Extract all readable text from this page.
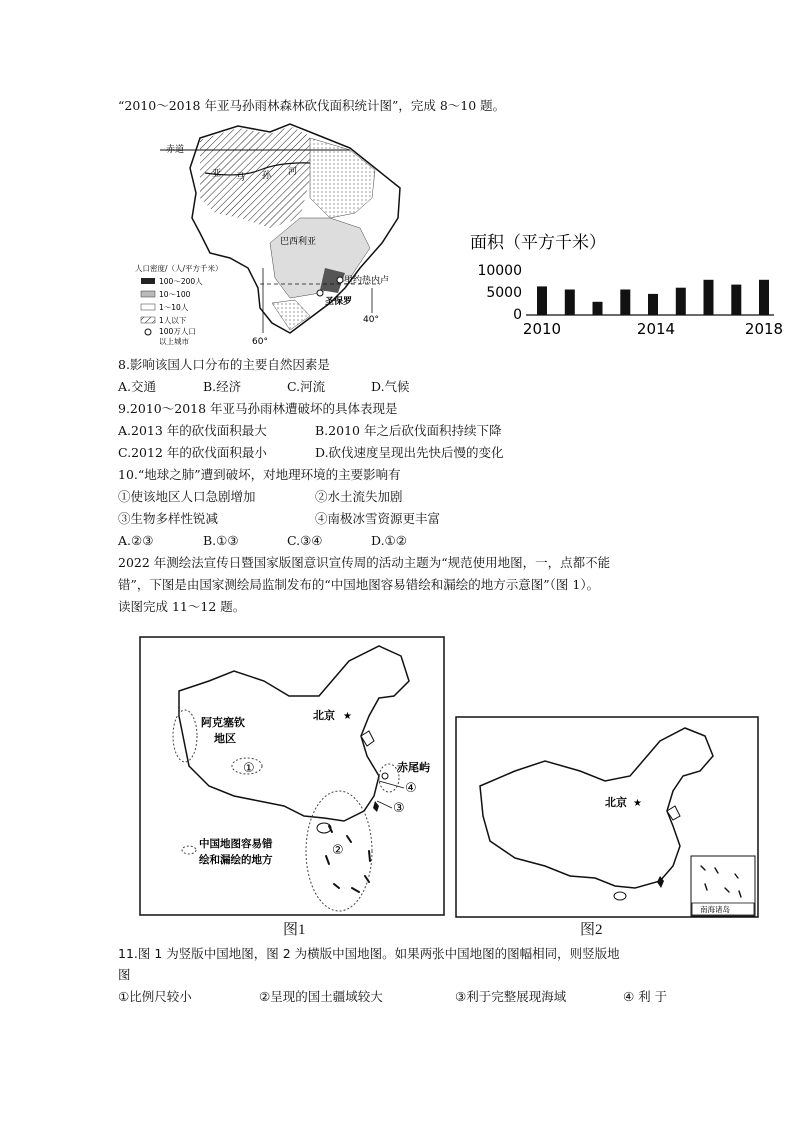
“2010～2018 年亚马孙雨林森林砍伐面积统计图”，完成 8～10 题。
赤道
亚 马 孙 河
巴西利亚
里约热内卢
圣保罗
60°
40°
人口密度/（人/平方千米）
100～200人
10～100
1～10人
1人以下
100万人口
以上城市
面积（平方千米）
10000
5000
0
2010	2014	2018
8.影响该国人口分布的主要自然因素是
A.交通	B.经济	C.河流	D.气候
9.2010～2018 年亚马孙雨林遭破坏的具体表现是
A.2013 年的砍伐面积最大	B.2010 年之后砍伐面积持续下降
C.2012 年的砍伐面积最小	D.砍伐速度呈现出先快后慢的变化
10.“地球之肺”遭到破坏，对地理环境的主要影响有
①使该地区人口急剧增加	②水土流失加剧
③生物多样性锐减	④南极冰雪资源更丰富
A.②③	B.①③	C.③④	D.①②
2022 年测绘法宣传日暨国家版图意识宣传周的活动主题为“规范使用地图，一，点都不能
错”，下图是由国家测绘局监制发布的“中国地图容易错绘和漏绘的地方示意图”（图 1）。
读图完成 11～12 题。
北京 ★
阿克塞钦
地区
①
②
③
④
赤尾屿
中国地图容易错
绘和漏绘的地方
图1
北京 ★
南海诸岛
图2
11.图 1 为竖版中国地图，图 2 为横版中国地图。如果两张中国地图的图幅相同，则竖版地
图
①比例尺较小	②呈现的国土疆域较大	③利于完整展现海域	④ 利 于
